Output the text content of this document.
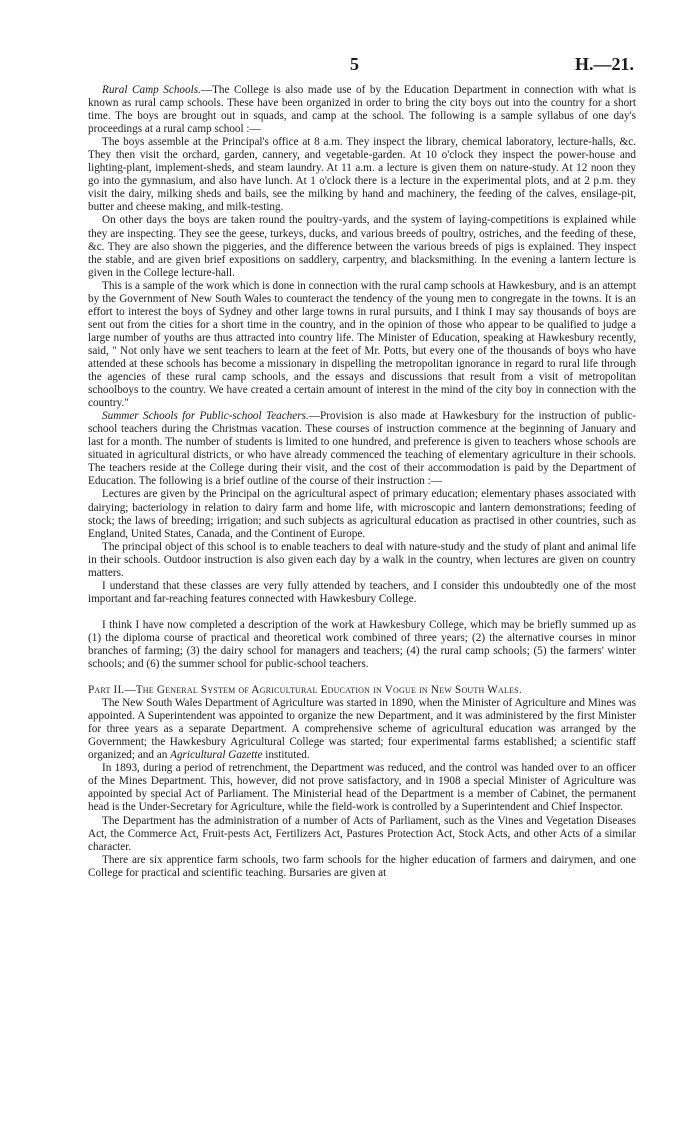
5	H.—21.

Rural Camp Schools.—The College is also made use of by the Education Department in connection with what is known as rural camp schools. These have been organized in order to bring the city boys out into the country for a short time. The boys are brought out in squads, and camp at the school. The following is a sample syllabus of one day's proceedings at a rural camp school :—

The boys assemble at the Principal's office at 8 a.m. They inspect the library, chemical laboratory, lecture-halls, &c. They then visit the orchard, garden, cannery, and vegetable-garden. At 10 o'clock they inspect the power-house and lighting-plant, implement-sheds, and steam laundry. At 11 a.m. a lecture is given them on nature-study. At 12 noon they go into the gymnasium, and also have lunch. At 1 o'clock there is a lecture in the experimental plots, and at 2 p.m. they visit the dairy, milking sheds and bails, see the milking by hand and machinery, the feeding of the calves, ensilage-pit, butter and cheese making, and milk-testing.

On other days the boys are taken round the poultry-yards, and the system of laying-competitions is explained while they are inspecting. They see the geese, turkeys, ducks, and various breeds of poultry, ostriches, and the feeding of these, &c. They are also shown the piggeries, and the difference between the various breeds of pigs is explained. They inspect the stable, and are given brief expositions on saddlery, carpentry, and blacksmithing. In the evening a lantern lecture is given in the College lecture-hall.

This is a sample of the work which is done in connection with the rural camp schools at Hawkesbury, and is an attempt by the Government of New South Wales to counteract the tendency of the young men to congregate in the towns. It is an effort to interest the boys of Sydney and other large towns in rural pursuits, and I think I may say thousands of boys are sent out from the cities for a short time in the country, and in the opinion of those who appear to be qualified to judge a large number of youths are thus attracted into country life. The Minister of Education, speaking at Hawkesbury recently, said, " Not only have we sent teachers to learn at the feet of Mr. Potts, but every one of the thousands of boys who have attended at these schools has become a missionary in dispelling the metropolitan ignorance in regard to rural life through the agencies of these rural camp schools, and the essays and discussions that result from a visit of metropolitan schoolboys to the country. We have created a certain amount of interest in the mind of the city boy in connection with the country."

Summer Schools for Public-school Teachers.—Provision is also made at Hawkesbury for the instruction of public-school teachers during the Christmas vacation. These courses of instruction commence at the beginning of January and last for a month. The number of students is limited to one hundred, and preference is given to teachers whose schools are situated in agricultural districts, or who have already commenced the teaching of elementary agriculture in their schools. The teachers reside at the College during their visit, and the cost of their accommodation is paid by the Department of Education. The following is a brief outline of the course of their instruction :—

Lectures are given by the Principal on the agricultural aspect of primary education; elementary phases associated with dairying; bacteriology in relation to dairy farm and home life, with microscopic and lantern demonstrations; feeding of stock; the laws of breeding; irrigation; and such subjects as agricultural education as practised in other countries, such as England, United States, Canada, and the Continent of Europe.

The principal object of this school is to enable teachers to deal with nature-study and the study of plant and animal life in their schools. Outdoor instruction is also given each day by a walk in the country, when lectures are given on country matters.

I understand that these classes are very fully attended by teachers, and I consider this undoubtedly one of the most important and far-reaching features connected with Hawkesbury College.

I think I have now completed a description of the work at Hawkesbury College, which may be briefly summed up as (1) the diploma course of practical and theoretical work combined of three years; (2) the alternative courses in minor branches of farming; (3) the dairy school for managers and teachers; (4) the rural camp schools; (5) the farmers' winter schools; and (6) the summer school for public-school teachers.

Part II.—The General System of Agricultural Education in Vogue in New South Wales.

The New South Wales Department of Agriculture was started in 1890, when the Minister of Agriculture and Mines was appointed. A Superintendent was appointed to organize the new Department, and it was administered by the first Minister for three years as a separate Department. A comprehensive scheme of agricultural education was arranged by the Government; the Hawkesbury Agricultural College was started; four experimental farms established; a scientific staff organized; and an Agricultural Gazette instituted.

In 1893, during a period of retrenchment, the Department was reduced, and the control was handed over to an officer of the Mines Department. This, however, did not prove satisfactory, and in 1908 a special Minister of Agriculture was appointed by special Act of Parliament. The Ministerial head of the Department is a member of Cabinet, the permanent head is the Under-Secretary for Agriculture, while the field-work is controlled by a Superintendent and Chief Inspector.

The Department has the administration of a number of Acts of Parliament, such as the Vines and Vegetation Diseases Act, the Commerce Act, Fruit-pests Act, Fertilizers Act, Pastures Protection Act, Stock Acts, and other Acts of a similar character.

There are six apprentice farm schools, two farm schools for the higher education of farmers and dairymen, and one College for practical and scientific teaching. Bursaries are given at
